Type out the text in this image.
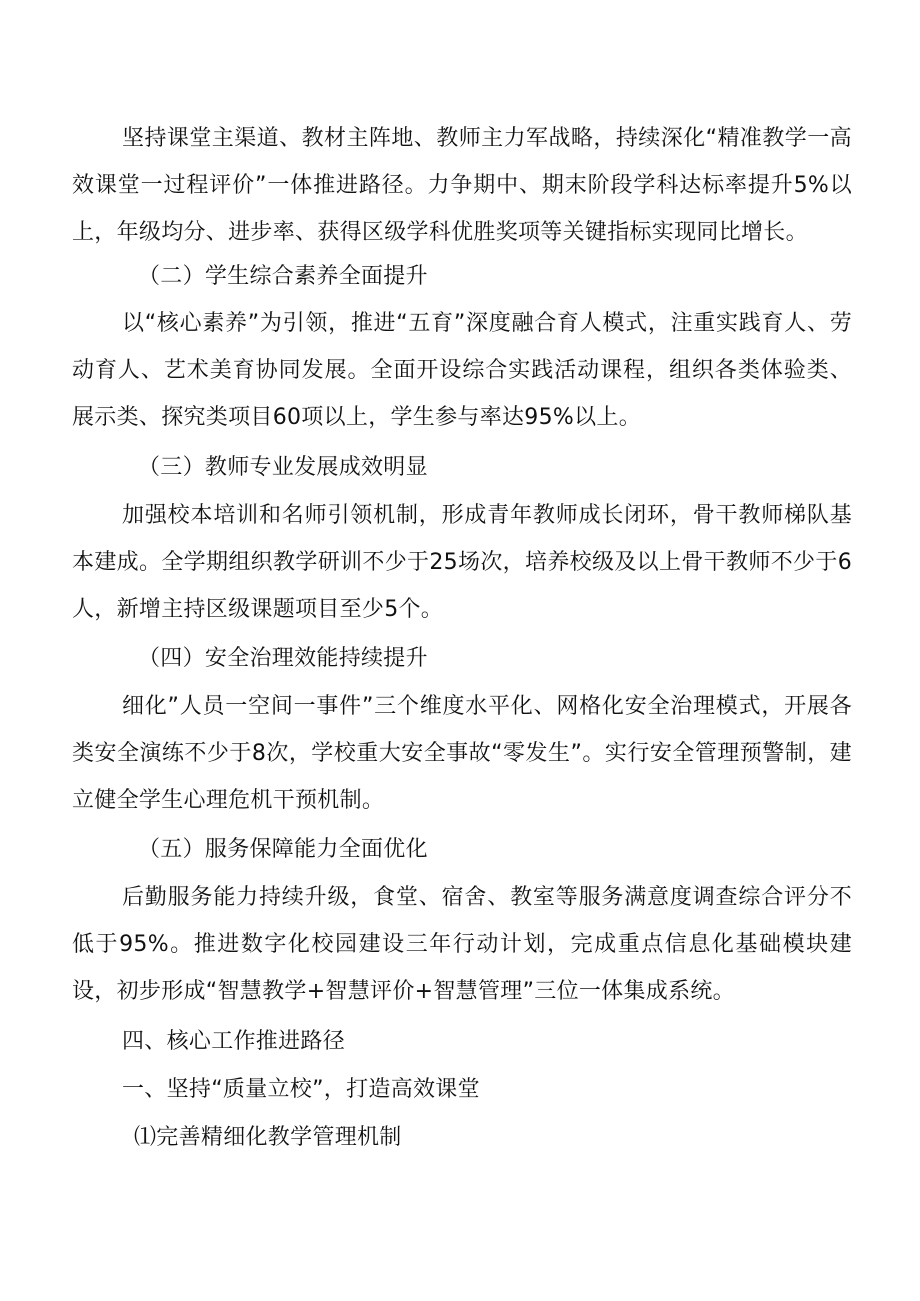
坚持课堂主渠道、教材主阵地、教师主力军战略，持续深化“精准教学一高效课堂一过程评价”一体推进路径。力争期中、期末阶段学科达标率提升5%以上，年级均分、进步率、获得区级学科优胜奖项等关键指标实现同比增长。

（二）学生综合素养全面提升

以“核心素养”为引领，推进“五育”深度融合育人模式，注重实践育人、劳动育人、艺术美育协同发展。全面开设综合实践活动课程，组织各类体验类、展示类、探究类项目60项以上，学生参与率达95%以上。

（三）教师专业发展成效明显

加强校本培训和名师引领机制，形成青年教师成长闭环，骨干教师梯队基本建成。全学期组织教学研训不少于25场次，培养校级及以上骨干教师不少于6人，新增主持区级课题项目至少5个。

（四）安全治理效能持续提升

细化”人员一空间一事件”三个维度水平化、网格化安全治理模式，开展各类安全演练不少于8次，学校重大安全事故“零发生”。实行安全管理预警制，建立健全学生心理危机干预机制。

（五）服务保障能力全面优化

后勤服务能力持续升级，食堂、宿舍、教室等服务满意度调查综合评分不低于95%。推进数字化校园建设三年行动计划，完成重点信息化基础模块建设，初步形成“智慧教学+智慧评价+智慧管理”三位一体集成系统。

四、核心工作推进路径

一、坚持“质量立校”，打造高效课堂

⑴完善精细化教学管理机制
